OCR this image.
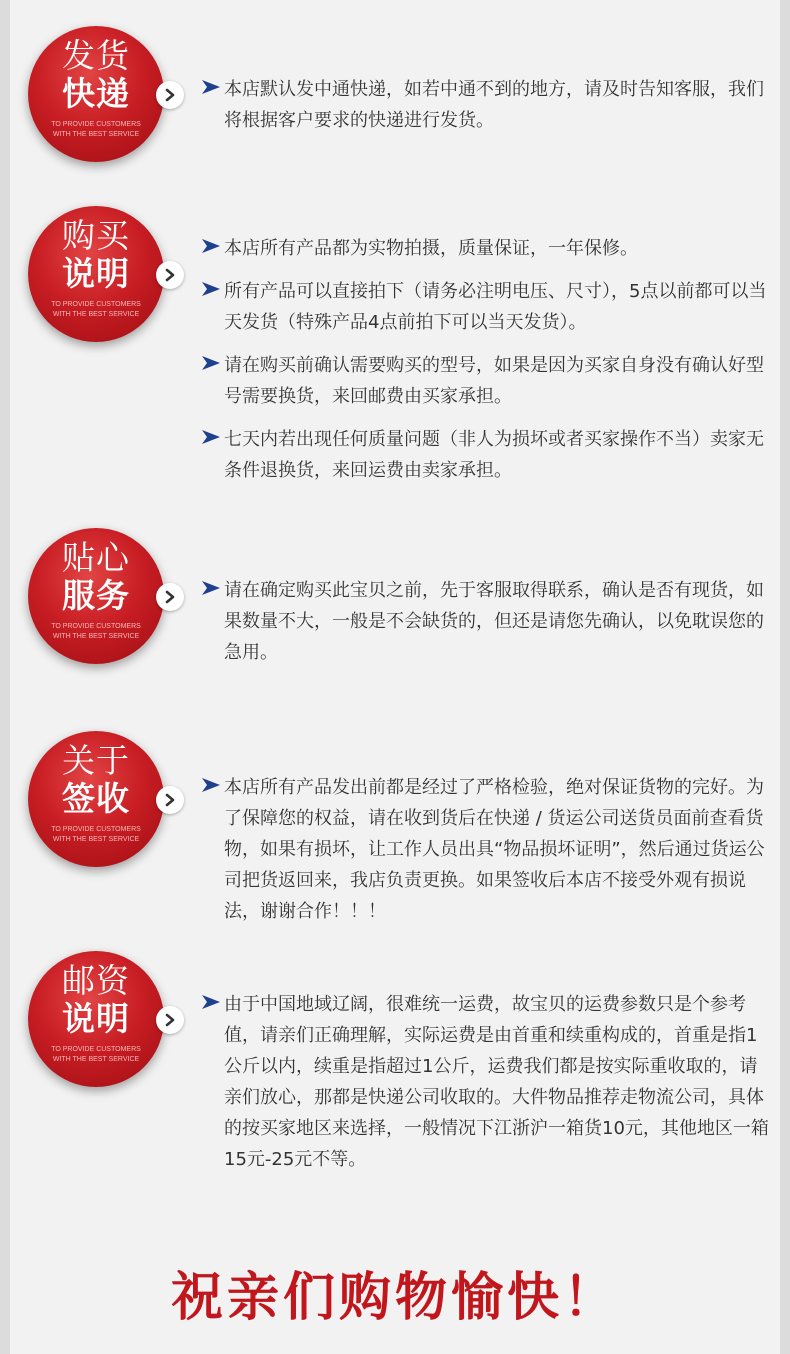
发货
快递
TO PROVIDE CUSTOMERS
WITH THE BEST SERVICE
本店默认发中通快递，如若中通不到的地方，请及时告知客服，我们将根据客户要求的快递进行发货。
购买
说明
TO PROVIDE CUSTOMERS
WITH THE BEST SERVICE
本店所有产品都为实物拍摄，质量保证，一年保修。
所有产品可以直接拍下（请务必注明电压、尺寸），5点以前都可以当天发货（特殊产品4点前拍下可以当天发货）。
请在购买前确认需要购买的型号，如果是因为买家自身没有确认好型号需要换货，来回邮费由买家承担。
七天内若出现任何质量问题（非人为损坏或者买家操作不当）卖家无条件退换货，来回运费由卖家承担。
贴心
服务
TO PROVIDE CUSTOMERS
WITH THE BEST SERVICE
请在确定购买此宝贝之前，先于客服取得联系，确认是否有现货，如果数量不大，一般是不会缺货的，但还是请您先确认，以免耽误您的急用。
关于
签收
TO PROVIDE CUSTOMERS
WITH THE BEST SERVICE
本店所有产品发出前都是经过了严格检验，绝对保证货物的完好。为了保障您的权益，请在收到货后在快递 / 货运公司送货员面前查看货物，如果有损坏，让工作人员出具“物品损坏证明”，然后通过货运公司把货返回来，我店负责更换。如果签收后本店不接受外观有损说法，谢谢合作！！！
邮资
说明
TO PROVIDE CUSTOMERS
WITH THE BEST SERVICE
由于中国地域辽阔，很难统一运费，故宝贝的运费参数只是个参考值，请亲们正确理解，实际运费是由首重和续重构成的，首重是指1公斤以内，续重是指超过1公斤，运费我们都是按实际重收取的，请亲们放心，那都是快递公司收取的。大件物品推荐走物流公司，具体的按买家地区来选择，一般情况下江浙沪一箱货10元，其他地区一箱15元-25元不等。
祝亲们购物愉快！
